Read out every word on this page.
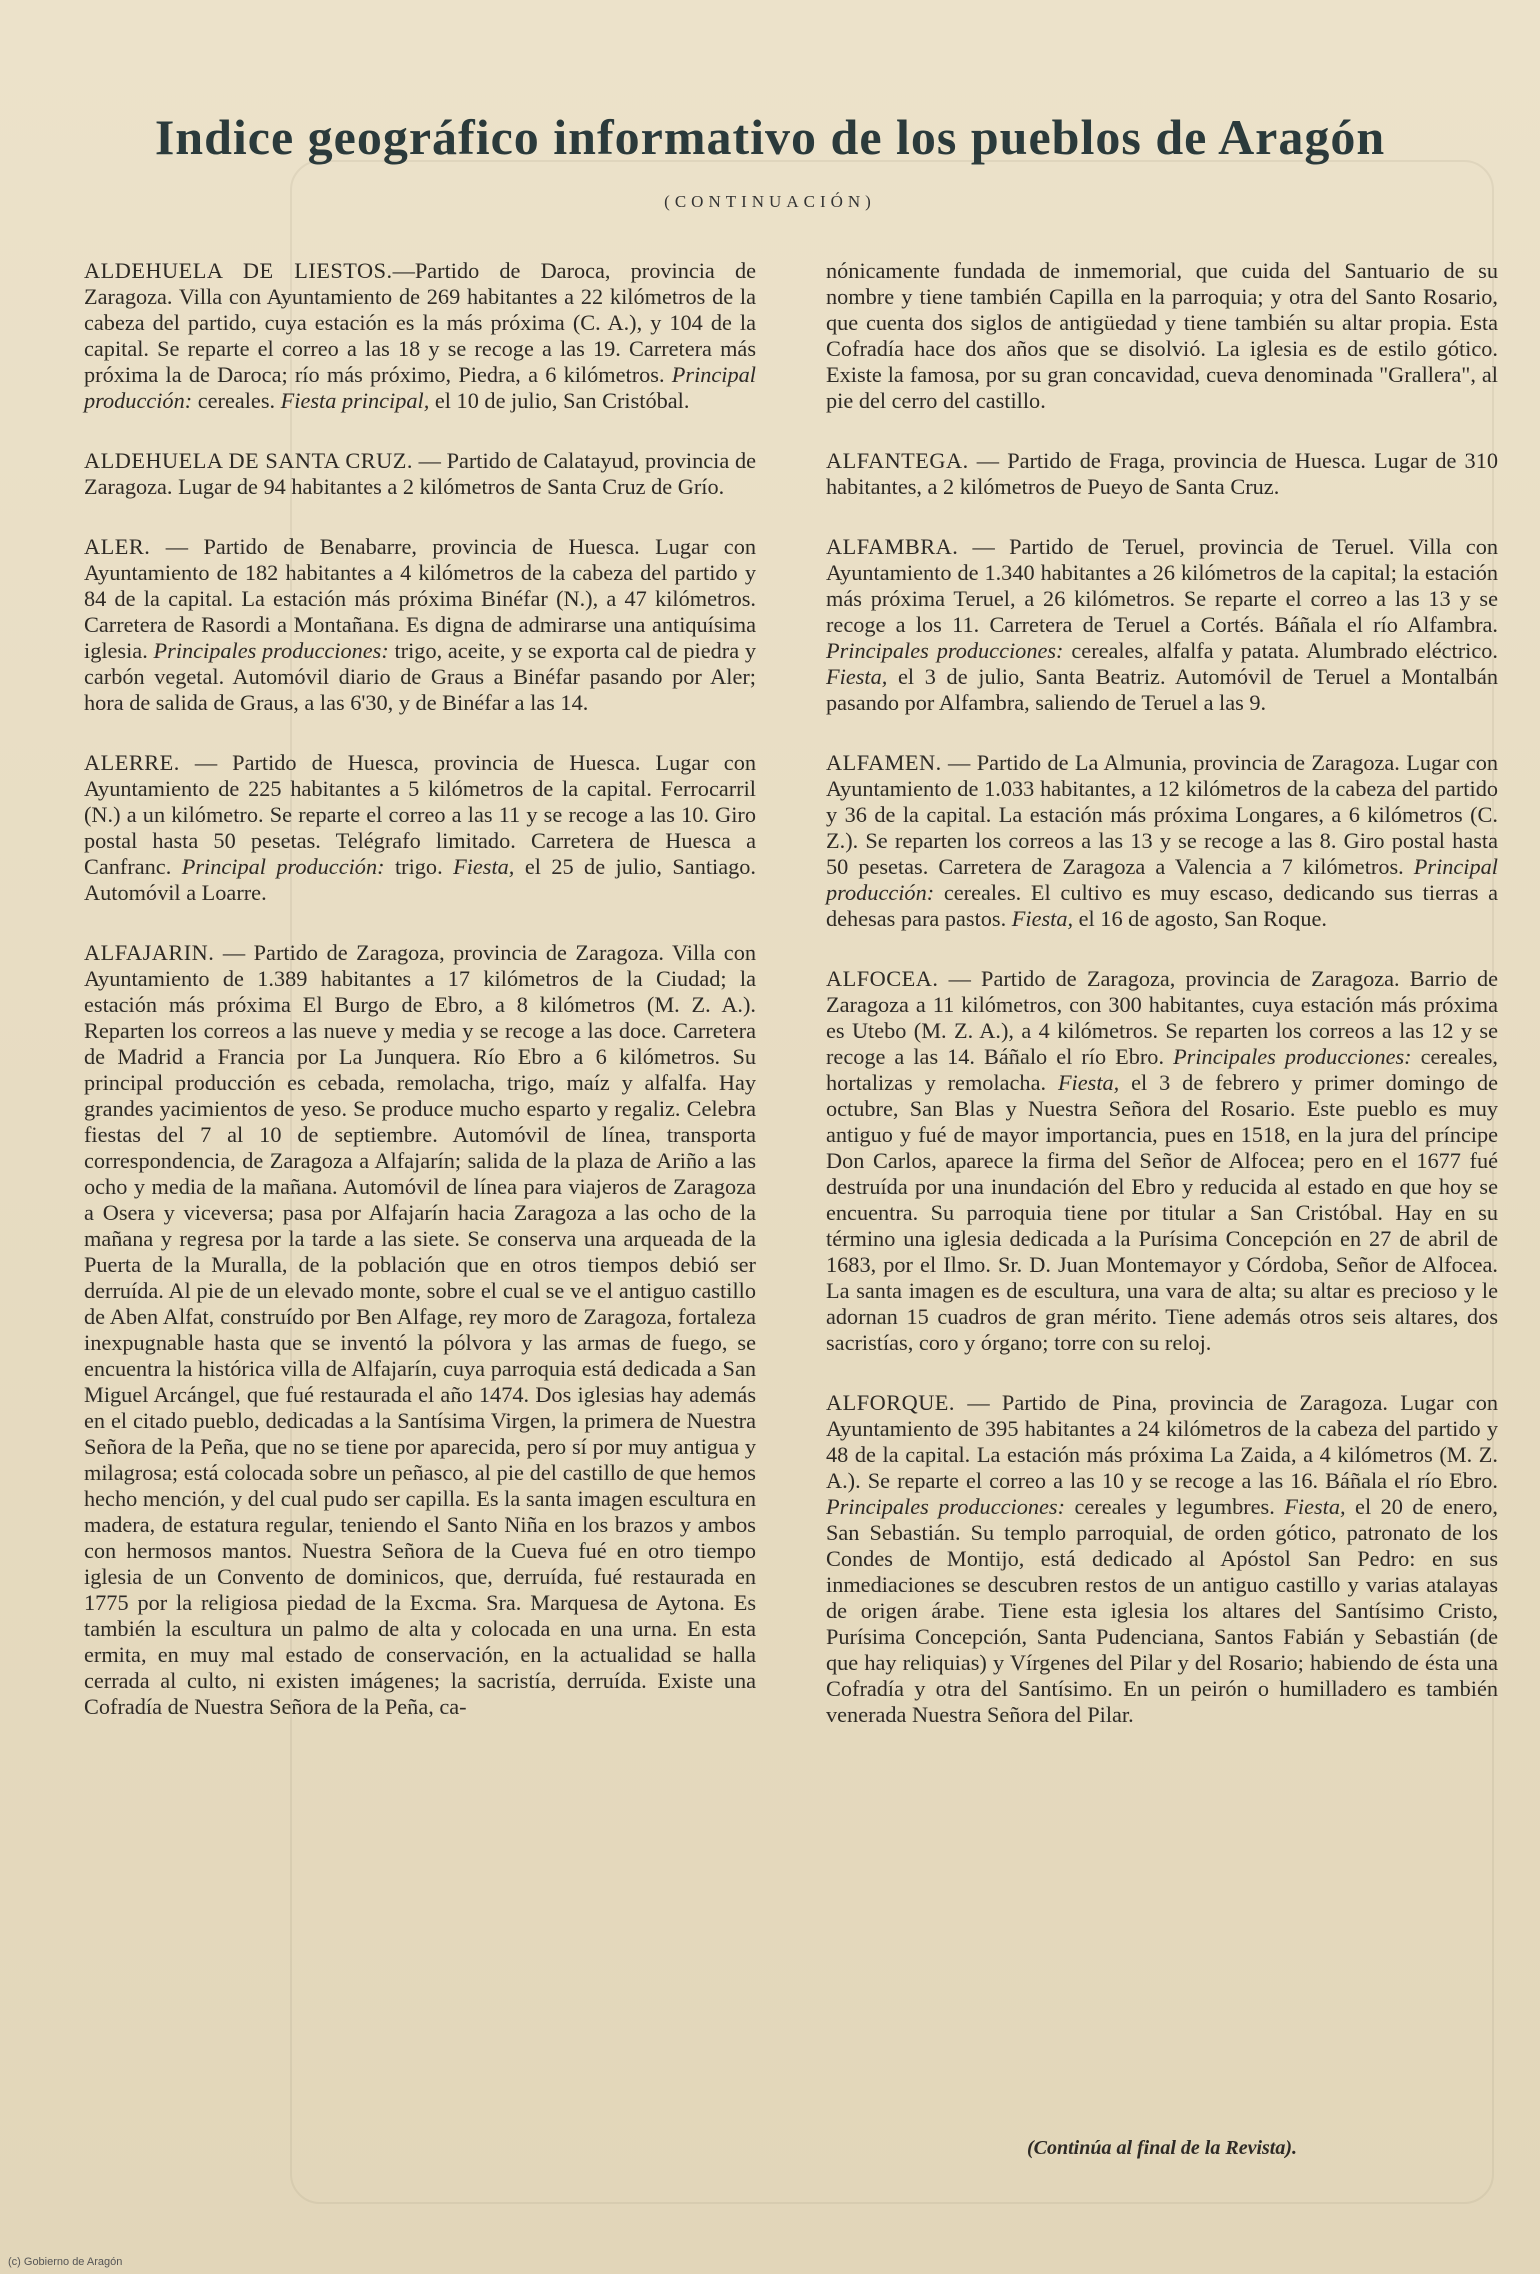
Indice geográfico informativo de los pueblos de Aragón
(CONTINUACIÓN)

ALDEHUELA DE LIESTOS.—Partido de Daroca, provincia de Zaragoza. Villa con Ayuntamiento de 269 habitantes a 22 kilómetros de la cabeza del partido, cuya estación es la más próxima (C. A.), y 104 de la capital. Se reparte el correo a las 18 y se recoge a las 19. Carretera más próxima la de Daroca; río más próximo, Piedra, a 6 kilómetros. Principal producción: cereales. Fiesta principal, el 10 de julio, San Cristóbal.

ALDEHUELA DE SANTA CRUZ. — Partido de Calatayud, provincia de Zaragoza. Lugar de 94 habitantes a 2 kilómetros de Santa Cruz de Grío.

ALER. — Partido de Benabarre, provincia de Huesca. Lugar con Ayuntamiento de 182 habitantes a 4 kilómetros de la cabeza del partido y 84 de la capital. La estación más próxima Binéfar (N.), a 47 kilómetros. Carretera de Rasordi a Montañana. Es digna de admirarse una antiquísima iglesia. Principales producciones: trigo, aceite, y se exporta cal de piedra y carbón vegetal. Automóvil diario de Graus a Binéfar pasando por Aler; hora de salida de Graus, a las 6'30, y de Binéfar a las 14.

ALERRE. — Partido de Huesca, provincia de Huesca. Lugar con Ayuntamiento de 225 habitantes a 5 kilómetros de la capital. Ferrocarril (N.) a un kilómetro. Se reparte el correo a las 11 y se recoge a las 10. Giro postal hasta 50 pesetas. Telégrafo limitado. Carretera de Huesca a Canfranc. Principal producción: trigo. Fiesta, el 25 de julio, Santiago. Automóvil a Loarre.

ALFAJARIN. — Partido de Zaragoza, provincia de Zaragoza. Villa con Ayuntamiento de 1.389 habitantes a 17 kilómetros de la Ciudad; la estación más próxima El Burgo de Ebro, a 8 kilómetros (M. Z. A.). Reparten los correos a las nueve y media y se recoge a las doce. Carretera de Madrid a Francia por La Junquera. Río Ebro a 6 kilómetros. Su principal producción es cebada, remolacha, trigo, maíz y alfalfa. Hay grandes yacimientos de yeso. Se produce mucho esparto y regaliz. Celebra fiestas del 7 al 10 de septiembre. Automóvil de línea, transporta correspondencia, de Zaragoza a Alfajarín; salida de la plaza de Ariño a las ocho y media de la mañana. Automóvil de línea para viajeros de Zaragoza a Osera y viceversa; pasa por Alfajarín hacia Zaragoza a las ocho de la mañana y regresa por la tarde a las siete. Se conserva una arqueada de la Puerta de la Muralla, de la población que en otros tiempos debió ser derruída. Al pie de un elevado monte, sobre el cual se ve el antiguo castillo de Aben Alfat, construído por Ben Alfage, rey moro de Zaragoza, fortaleza inexpugnable hasta que se inventó la pólvora y las armas de fuego, se encuentra la histórica villa de Alfajarín, cuya parroquia está dedicada a San Miguel Arcángel, que fué restaurada el año 1474. Dos iglesias hay además en el citado pueblo, dedicadas a la Santísima Virgen, la primera de Nuestra Señora de la Peña, que no se tiene por aparecida, pero sí por muy antigua y milagrosa; está colocada sobre un peñasco, al pie del castillo de que hemos hecho mención, y del cual pudo ser capilla. Es la santa imagen escultura en madera, de estatura regular, teniendo el Santo Niña en los brazos y ambos con hermosos mantos. Nuestra Señora de la Cueva fué en otro tiempo iglesia de un Convento de dominicos, que, derruída, fué restaurada en 1775 por la religiosa piedad de la Excma. Sra. Marquesa de Aytona. Es también la escultura un palmo de alta y colocada en una urna. En esta ermita, en muy mal estado de conservación, en la actualidad se halla cerrada al culto, ni existen imágenes; la sacristía, derruída. Existe una Cofradía de Nuestra Señora de la Peña, ca-

nónicamente fundada de inmemorial, que cuida del Santuario de su nombre y tiene también Capilla en la parroquia; y otra del Santo Rosario, que cuenta dos siglos de antigüedad y tiene también su altar propia. Esta Cofradía hace dos años que se disolvió. La iglesia es de estilo gótico. Existe la famosa, por su gran concavidad, cueva denominada "Grallera", al pie del cerro del castillo.

ALFANTEGA. — Partido de Fraga, provincia de Huesca. Lugar de 310 habitantes, a 2 kilómetros de Pueyo de Santa Cruz.

ALFAMBRA. — Partido de Teruel, provincia de Teruel. Villa con Ayuntamiento de 1.340 habitantes a 26 kilómetros de la capital; la estación más próxima Teruel, a 26 kilómetros. Se reparte el correo a las 13 y se recoge a los 11. Carretera de Teruel a Cortés. Báñala el río Alfambra. Principales producciones: cereales, alfalfa y patata. Alumbrado eléctrico. Fiesta, el 3 de julio, Santa Beatriz. Automóvil de Teruel a Montalbán pasando por Alfambra, saliendo de Teruel a las 9.

ALFAMEN. — Partido de La Almunia, provincia de Zaragoza. Lugar con Ayuntamiento de 1.033 habitantes, a 12 kilómetros de la cabeza del partido y 36 de la capital. La estación más próxima Longares, a 6 kilómetros (C. Z.). Se reparten los correos a las 13 y se recoge a las 8. Giro postal hasta 50 pesetas. Carretera de Zaragoza a Valencia a 7 kilómetros. Principal producción: cereales. El cultivo es muy escaso, dedicando sus tierras a dehesas para pastos. Fiesta, el 16 de agosto, San Roque.

ALFOCEA. — Partido de Zaragoza, provincia de Zaragoza. Barrio de Zaragoza a 11 kilómetros, con 300 habitantes, cuya estación más próxima es Utebo (M. Z. A.), a 4 kilómetros. Se reparten los correos a las 12 y se recoge a las 14. Báñalo el río Ebro. Principales producciones: cereales, hortalizas y remolacha. Fiesta, el 3 de febrero y primer domingo de octubre, San Blas y Nuestra Señora del Rosario. Este pueblo es muy antiguo y fué de mayor importancia, pues en 1518, en la jura del príncipe Don Carlos, aparece la firma del Señor de Alfocea; pero en el 1677 fué destruída por una inundación del Ebro y reducida al estado en que hoy se encuentra. Su parroquia tiene por titular a San Cristóbal. Hay en su término una iglesia dedicada a la Purísima Concepción en 27 de abril de 1683, por el Ilmo. Sr. D. Juan Montemayor y Córdoba, Señor de Alfocea. La santa imagen es de escultura, una vara de alta; su altar es precioso y le adornan 15 cuadros de gran mérito. Tiene además otros seis altares, dos sacristías, coro y órgano; torre con su reloj.

ALFORQUE. — Partido de Pina, provincia de Zaragoza. Lugar con Ayuntamiento de 395 habitantes a 24 kilómetros de la cabeza del partido y 48 de la capital. La estación más próxima La Zaida, a 4 kilómetros (M. Z. A.). Se reparte el correo a las 10 y se recoge a las 16. Báñala el río Ebro. Principales producciones: cereales y legumbres. Fiesta, el 20 de enero, San Sebastián. Su templo parroquial, de orden gótico, patronato de los Condes de Montijo, está dedicado al Apóstol San Pedro: en sus inmediaciones se descubren restos de un antiguo castillo y varias atalayas de origen árabe. Tiene esta iglesia los altares del Santísimo Cristo, Purísima Concepción, Santa Pudenciana, Santos Fabián y Sebastián (de que hay reliquias) y Vírgenes del Pilar y del Rosario; habiendo de ésta una Cofradía y otra del Santísimo. En un peirón o humilladero es también venerada Nuestra Señora del Pilar.

(Continúa al final de la Revista).
(c) Gobierno de Aragón
